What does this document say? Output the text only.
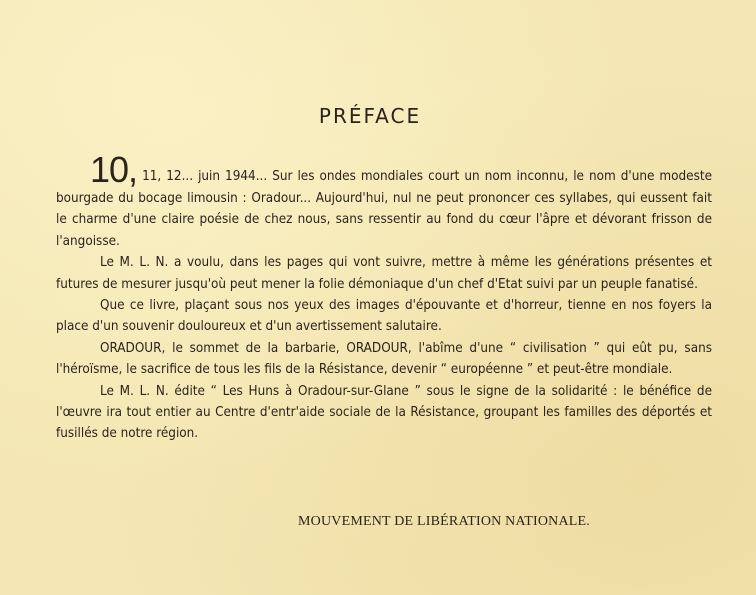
PRÉFACE

10, 11, 12... juin 1944... Sur les ondes mondiales court un nom inconnu, le nom d'une modeste bourgade du bocage limousin : Oradour... Aujourd'hui, nul ne peut prononcer ces syllabes, qui eussent fait le charme d'une claire poésie de chez nous, sans ressentir au fond du cœur l'âpre et dévorant frisson de l'angoisse.

Le M. L. N. a voulu, dans les pages qui vont suivre, mettre à même les générations présentes et futures de mesurer jusqu'où peut mener la folie démoniaque d'un chef d'Etat suivi par un peuple fanatisé.

Que ce livre, plaçant sous nos yeux des images d'épouvante et d'horreur, tienne en nos foyers la place d'un souvenir douloureux et d'un avertissement salutaire.

ORADOUR, le sommet de la barbarie, ORADOUR, l'abîme d'une “ civilisation ” qui eût pu, sans l'héroïsme, le sacrifice de tous les fils de la Résistance, devenir “ européenne ” et peut-être mondiale.

Le M. L. N. édite “ Les Huns à Oradour-sur-Glane ” sous le signe de la solidarité : le bénéfice de l'œuvre ira tout entier au Centre d'entr'aide sociale de la Résistance, groupant les familles des déportés et fusillés de notre région.

MOUVEMENT DE LIBÉRATION NATIONALE.
